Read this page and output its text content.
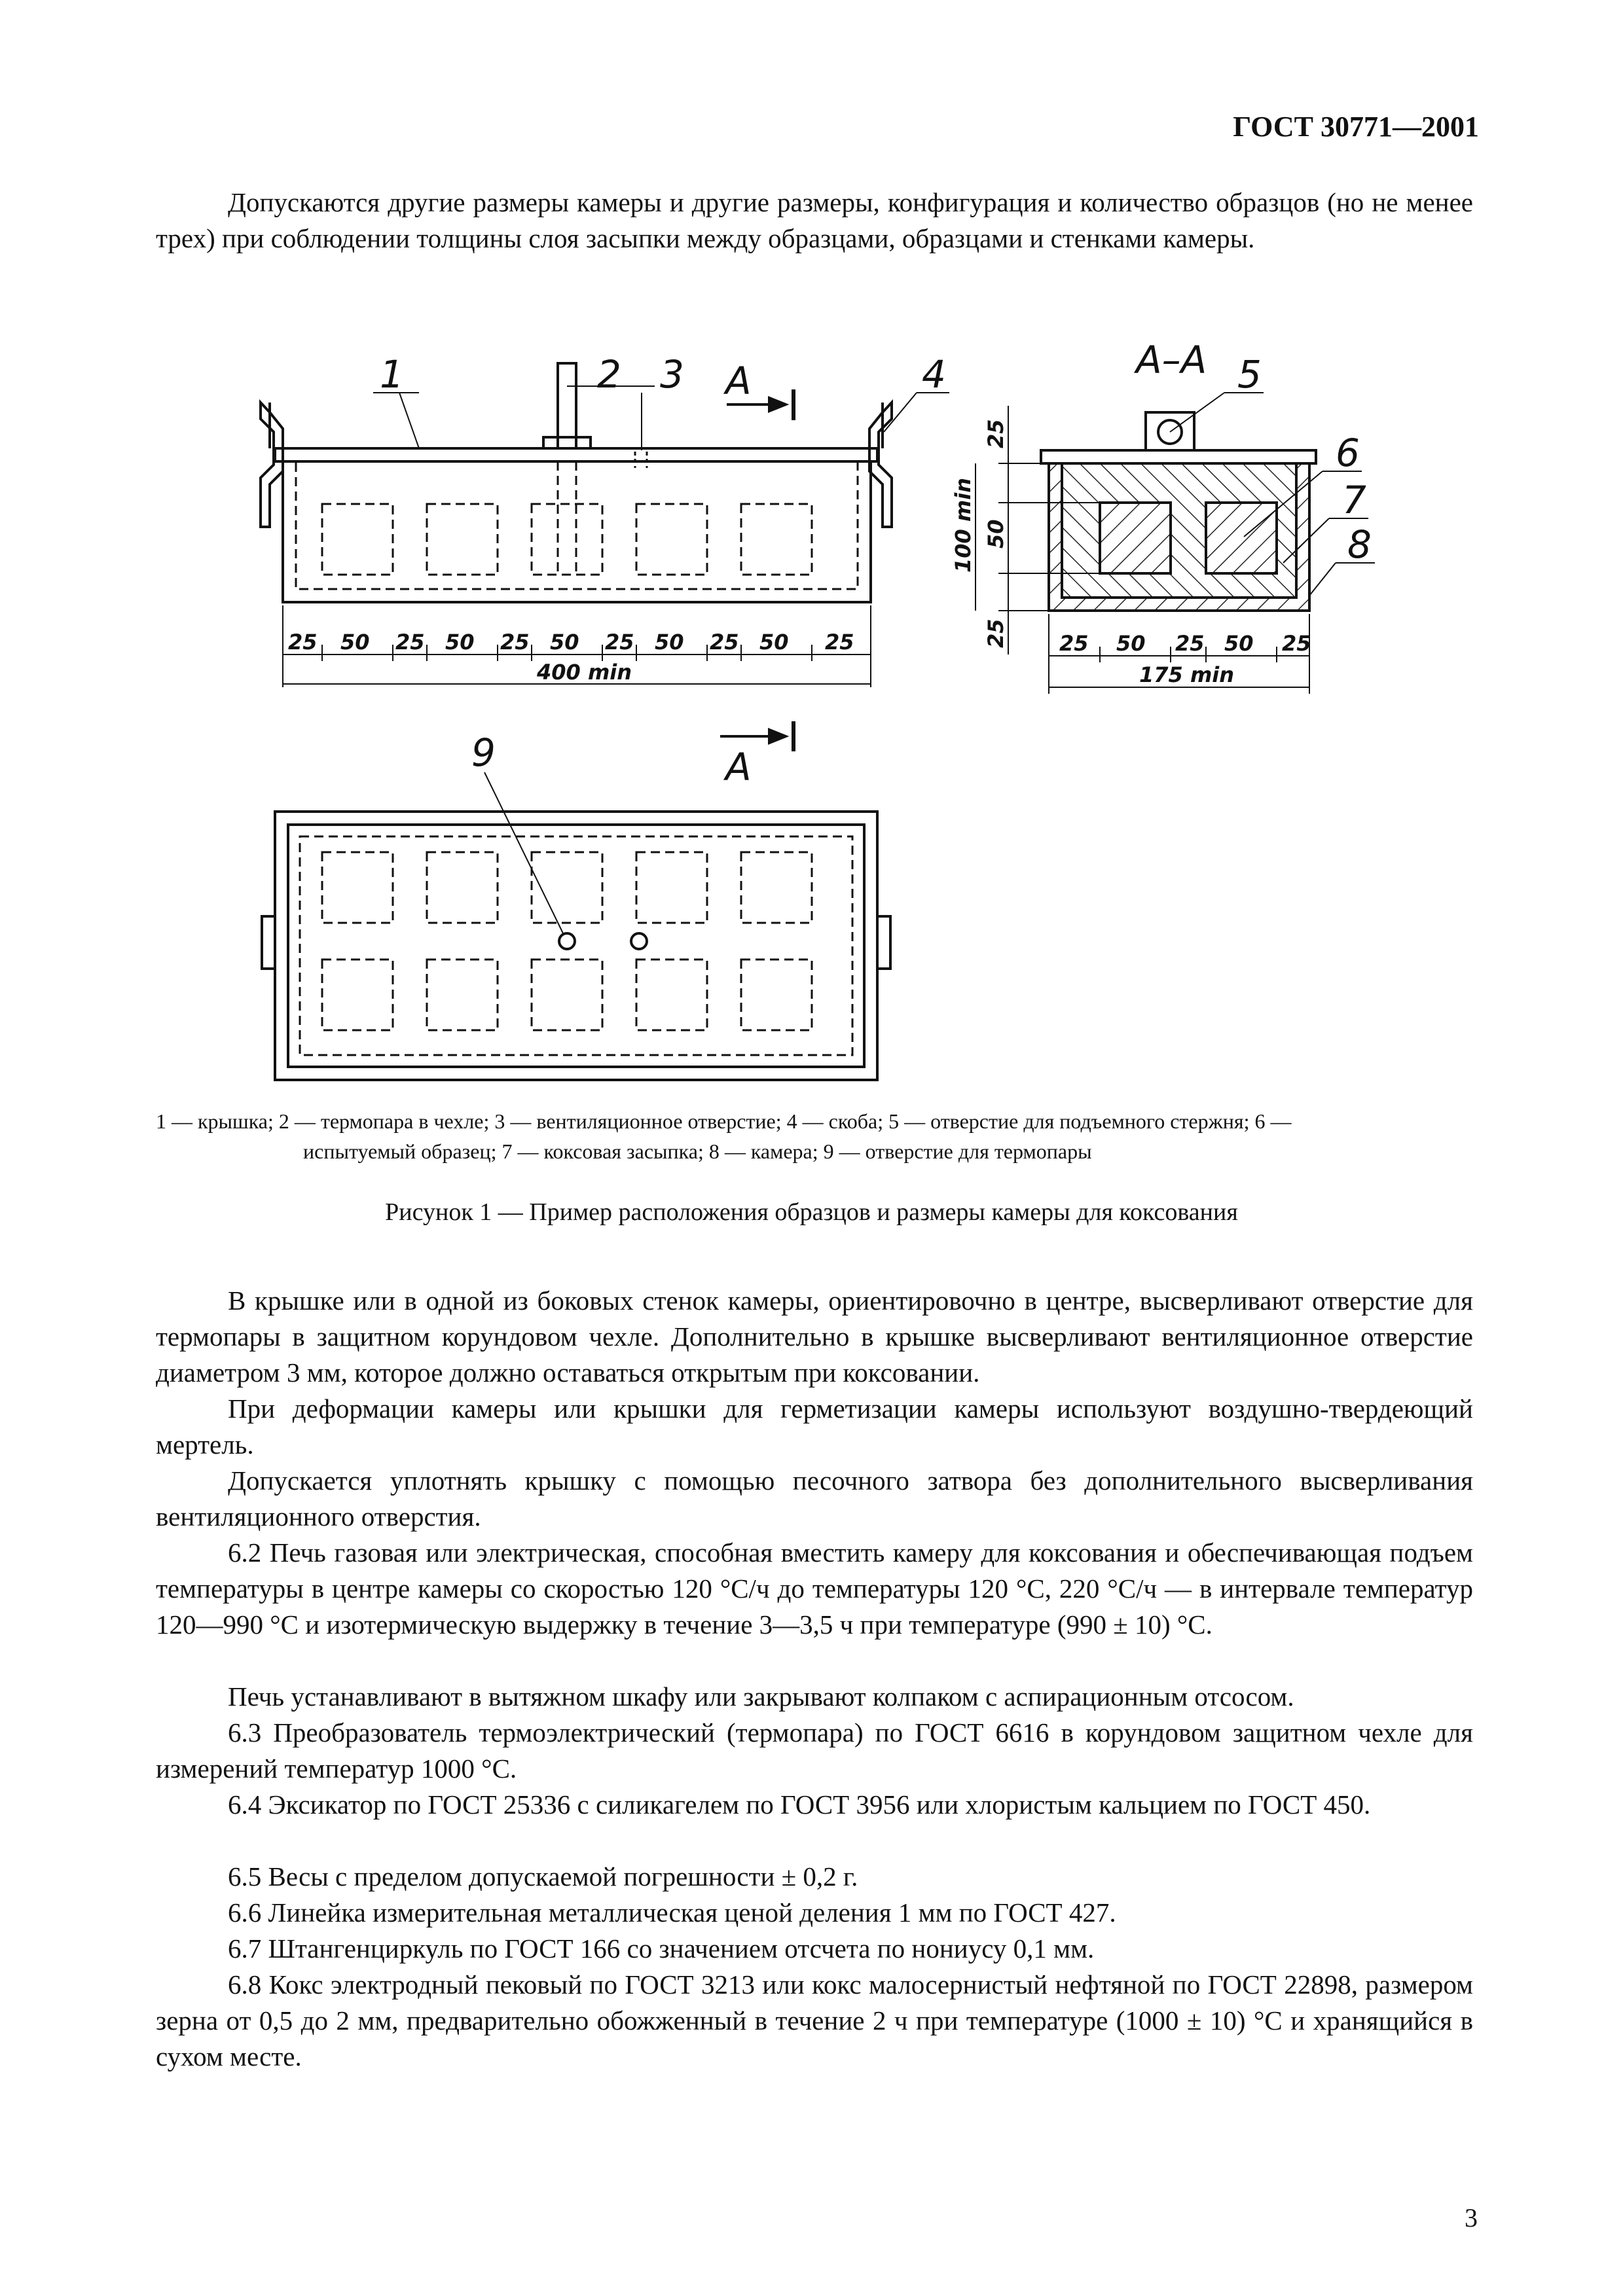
ГОСТ 30771—2001

Допускаются другие размеры камеры и другие размеры, конфигурация и количество образцов (но не менее трех) при соблюдении толщины слоя засыпки между образцами, образцами и стенками камеры.

1	2 3	4	5
6
7
8
9
А
А
А–А
25 50 25 50 25 50 25 50 25 50 25
400 min
25 50 25 50 25
175 min
25
50
25
100 min
1 — крышка; 2 — термопара в чехле; 3 — вентиляционное отверстие; 4 — скоба; 5 — отверстие для подъемного стержня; 6 —
испытуемый образец; 7 — коксовая засыпка; 8 — камера; 9 — отверстие для термопары
Рисунок 1 — Пример расположения образцов и размеры камеры для коксования

В крышке или в одной из боковых стенок камеры, ориентировочно в центре, высверливают отверстие для термопары в защитном корундовом чехле. Дополнительно в крышке высверливают вентиляционное отверстие диаметром 3 мм, которое должно оставаться открытым при коксовании.

При деформации камеры или крышки для герметизации камеры используют воздушно-твердеющий мертель.

Допускается уплотнять крышку с помощью песочного затвора без дополнительного высверливания вентиляционного отверстия.

6.2 Печь газовая или электрическая, способная вместить камеру для коксования и обеспечивающая подъем температуры в центре камеры со скоростью 120 °С/ч до температуры 120 °С, 220 °С/ч — в интервале температур 120—990 °С и изотермическую выдержку в течение 3—3,5 ч при температуре (990 ± 10) °С.

Печь устанавливают в вытяжном шкафу или закрывают колпаком с аспирационным отсосом.

6.3 Преобразователь термоэлектрический (термопара) по ГОСТ 6616 в корундовом защитном чехле для измерений температур 1000 °С.

6.4 Эксикатор по ГОСТ 25336 с силикагелем по ГОСТ 3956 или хлористым кальцием по ГОСТ 450.

6.5 Весы с пределом допускаемой погрешности ± 0,2 г.

6.6 Линейка измерительная металлическая ценой деления 1 мм по ГОСТ 427.

6.7 Штангенциркуль по ГОСТ 166 со значением отсчета по нониусу 0,1 мм.

6.8 Кокс электродный пековый по ГОСТ 3213 или кокс малосернистый нефтяной по ГОСТ 22898, размером зерна от 0,5 до 2 мм, предварительно обожженный в течение 2 ч при температуре (1000 ± 10) °С и хранящийся в сухом месте.

3
